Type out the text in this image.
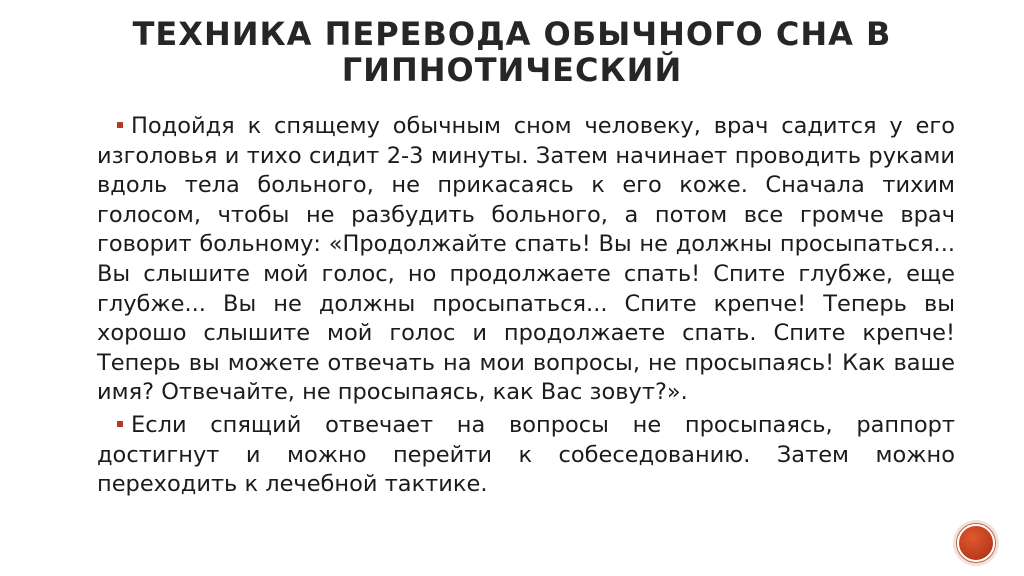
ТЕХНИКА ПЕРЕВОДА ОБЫЧНОГО СНА В ГИПНОТИЧЕСКИЙ

Подойдя к спящему обычным сном человеку, врач садится у его изголовья и тихо сидит 2-3 минуты. Затем начинает проводить руками вдоль тела больного, не прикасаясь к его коже. Сначала тихим голосом, чтобы не разбудить больного, а потом все громче врач говорит больному: «Продолжайте спать! Вы не должны просыпаться... Вы слышите мой голос, но продолжаете спать! Спите глубже, еще глубже... Вы не должны просыпаться... Спите крепче! Теперь вы хорошо слышите мой голос и продолжаете спать. Спите крепче! Теперь вы можете отвечать на мои вопросы, не просыпаясь! Как ваше имя? Отвечайте, не просыпаясь, как Вас зовут?».

Если спящий отвечает на вопросы не просыпаясь, раппорт достигнут и можно перейти к собеседованию. Затем можно переходить к лечебной тактике.
